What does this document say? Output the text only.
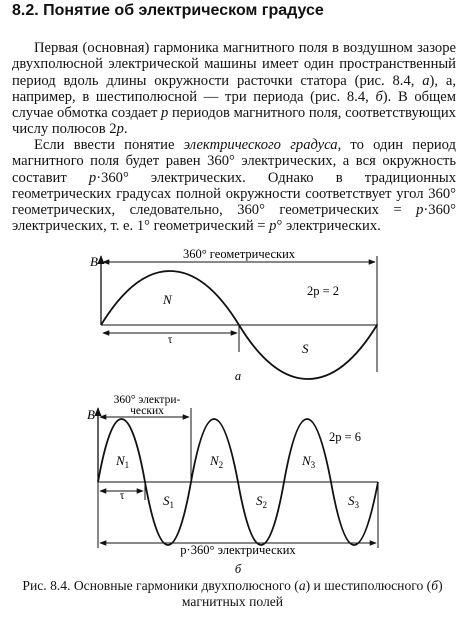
8.2. Понятие об электрическом градусе

Первая (основная) гармоника магнитного поля в воздушном зазоре двухполюсной электрической машины имеет один пространственный период вдоль длины окружности расточки статора (рис. 8.4, а), а, например, в шестиполюсной — три периода (рис. 8.4, б). В общем случае обмотка создает p периодов магнитного поля, соответствующих числу полюсов 2p.

Если ввести понятие электрического градуса, то один период магнитного поля будет равен 360° электрических, а вся окружность составит p·360° электрических. Однако в традиционных геометрических градусах полной окружности соответствует угол 360° геометрических, следовательно, 360° геометрических = p·360° электрических, т. е. 1° геометрический = p° электрических.

B	360° геометрических
N
S
τ
2p = 2
а
B
360° электри-
ческих
2p = 6
$N_1$	$N_2$	$N_3$
$S_1$	$S_2$	$S_3$
τ
p·360° электрических
б
Рис. 8.4. Основные гармоники двухполюсного (а) и шестиполюсного (б)
магнитных полей
